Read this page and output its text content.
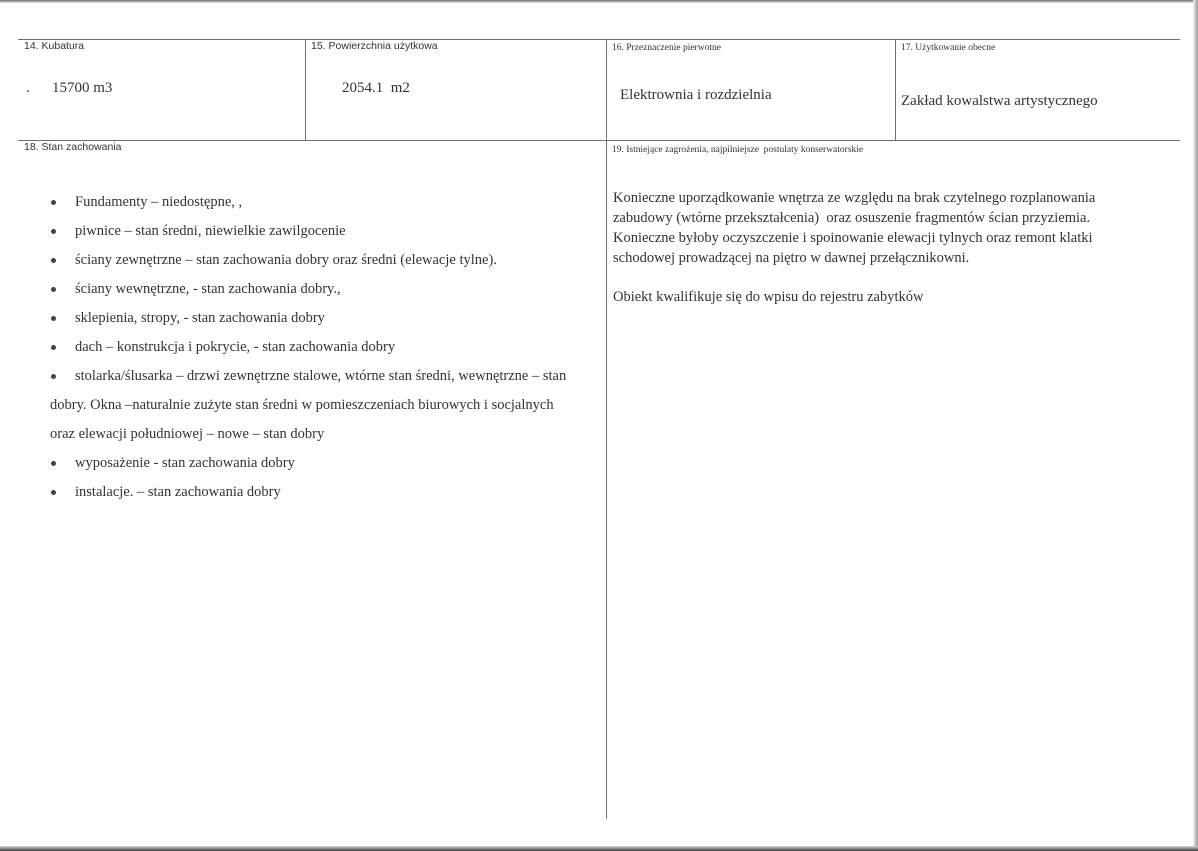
14. Kubatura
. 15700 m3
15. Powierzchnia użytkowa
2054.1  m2
16. Przeznaczenie pierwotne
Elektrownia i rozdzielnia
17. Użytkowanie obecne
Zakład kowalstwa artystycznego
18. Stan zachowania	19. Istniejące zagrożenia, najpilniejsze  postulaty konserwatorskie
Fundamenty – niedostępne, ,
piwnice – stan średni, niewielkie zawilgocenie
ściany zewnętrzne – stan zachowania dobry oraz średni (elewacje tylne).
ściany wewnętrzne, - stan zachowania dobry.,
sklepienia, stropy, - stan zachowania dobry
dach – konstrukcja i pokrycie, - stan zachowania dobry
stolarka/ślusarka – drzwi zewnętrzne stalowe, wtórne stan średni, wewnętrzne – stan
dobry. Okna –naturalnie zużyte stan średni w pomieszczeniach biurowych i socjalnych
oraz elewacji południowej – nowe – stan dobry
wyposażenie - stan zachowania dobry
instalacje. – stan zachowania dobry

Konieczne uporządkowanie wnętrza ze względu na brak czytelnego rozplanowania
zabudowy (wtórne przekształcenia)  oraz osuszenie fragmentów ścian przyziemia.
Konieczne byłoby oczyszczenie i spoinowanie elewacji tylnych oraz remont klatki
schodowej prowadzącej na piętro w dawnej przełącznikowni.

Obiekt kwalifikuje się do wpisu do rejestru zabytków
